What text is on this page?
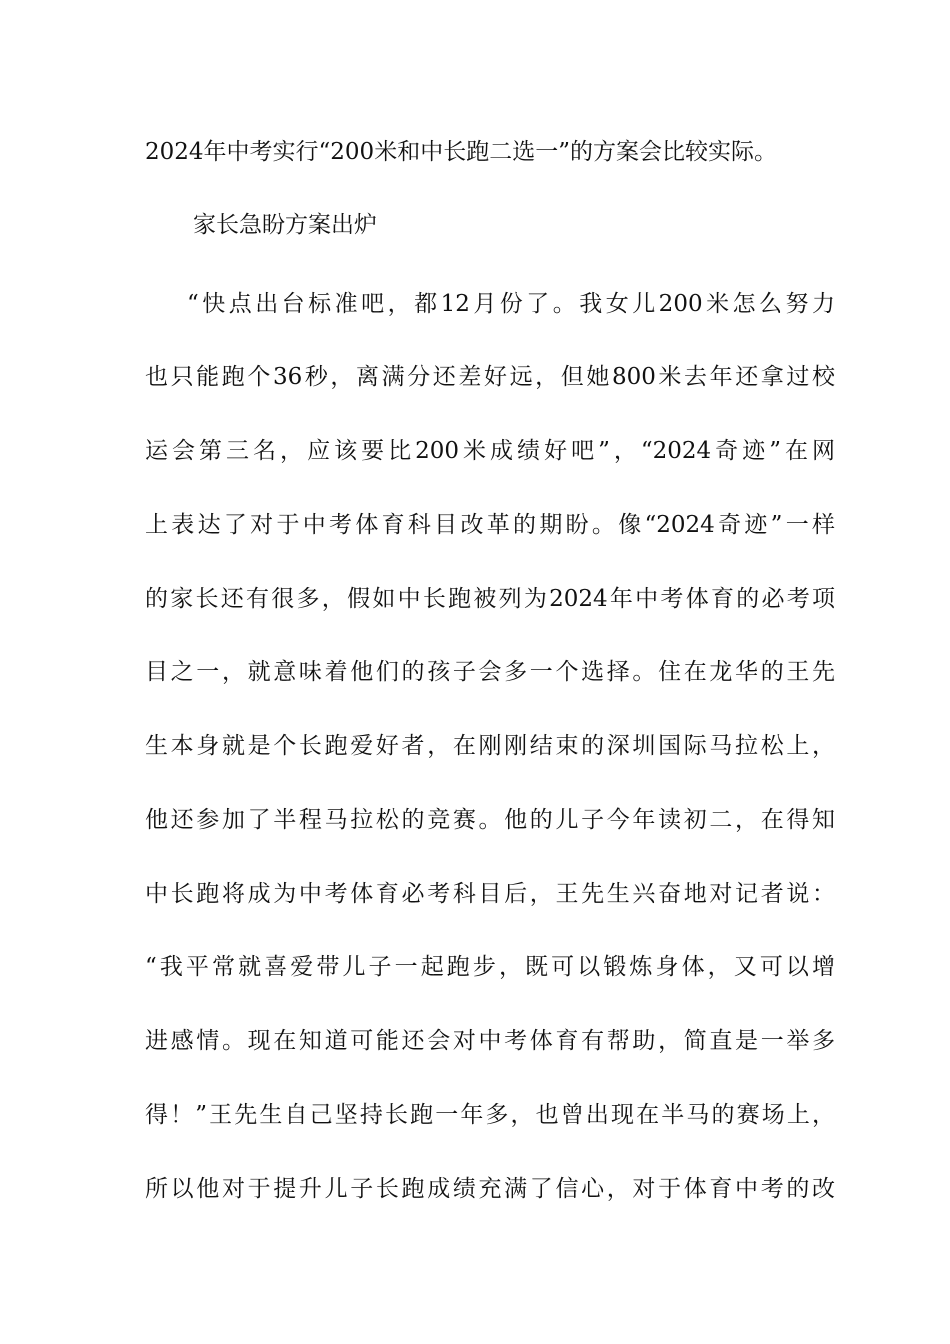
2024年中考实行“200米和中长跑二选一”的方案会比较实际。
家长急盼方案出炉
“快点出台标准吧，都12月份了。我女儿200米怎么努力
也只能跑个36秒，离满分还差好远，但她800米去年还拿过校
运会第三名，应该要比200米成绩好吧”，“2024奇迹”在网
上表达了对于中考体育科目改革的期盼。像“2024奇迹”一样
的家长还有很多，假如中长跑被列为2024年中考体育的必考项
目之一，就意味着他们的孩子会多一个选择。住在龙华的王先
生本身就是个长跑爱好者，在刚刚结束的深圳国际马拉松上，
他还参加了半程马拉松的竞赛。他的儿子今年读初二，在得知
中长跑将成为中考体育必考科目后，王先生兴奋地对记者说：
“我平常就喜爱带儿子一起跑步，既可以锻炼身体，又可以增
进感情。现在知道可能还会对中考体育有帮助，简直是一举多
得！”王先生自己坚持长跑一年多，也曾出现在半马的赛场上，
所以他对于提升儿子长跑成绩充满了信心，对于体育中考的改
